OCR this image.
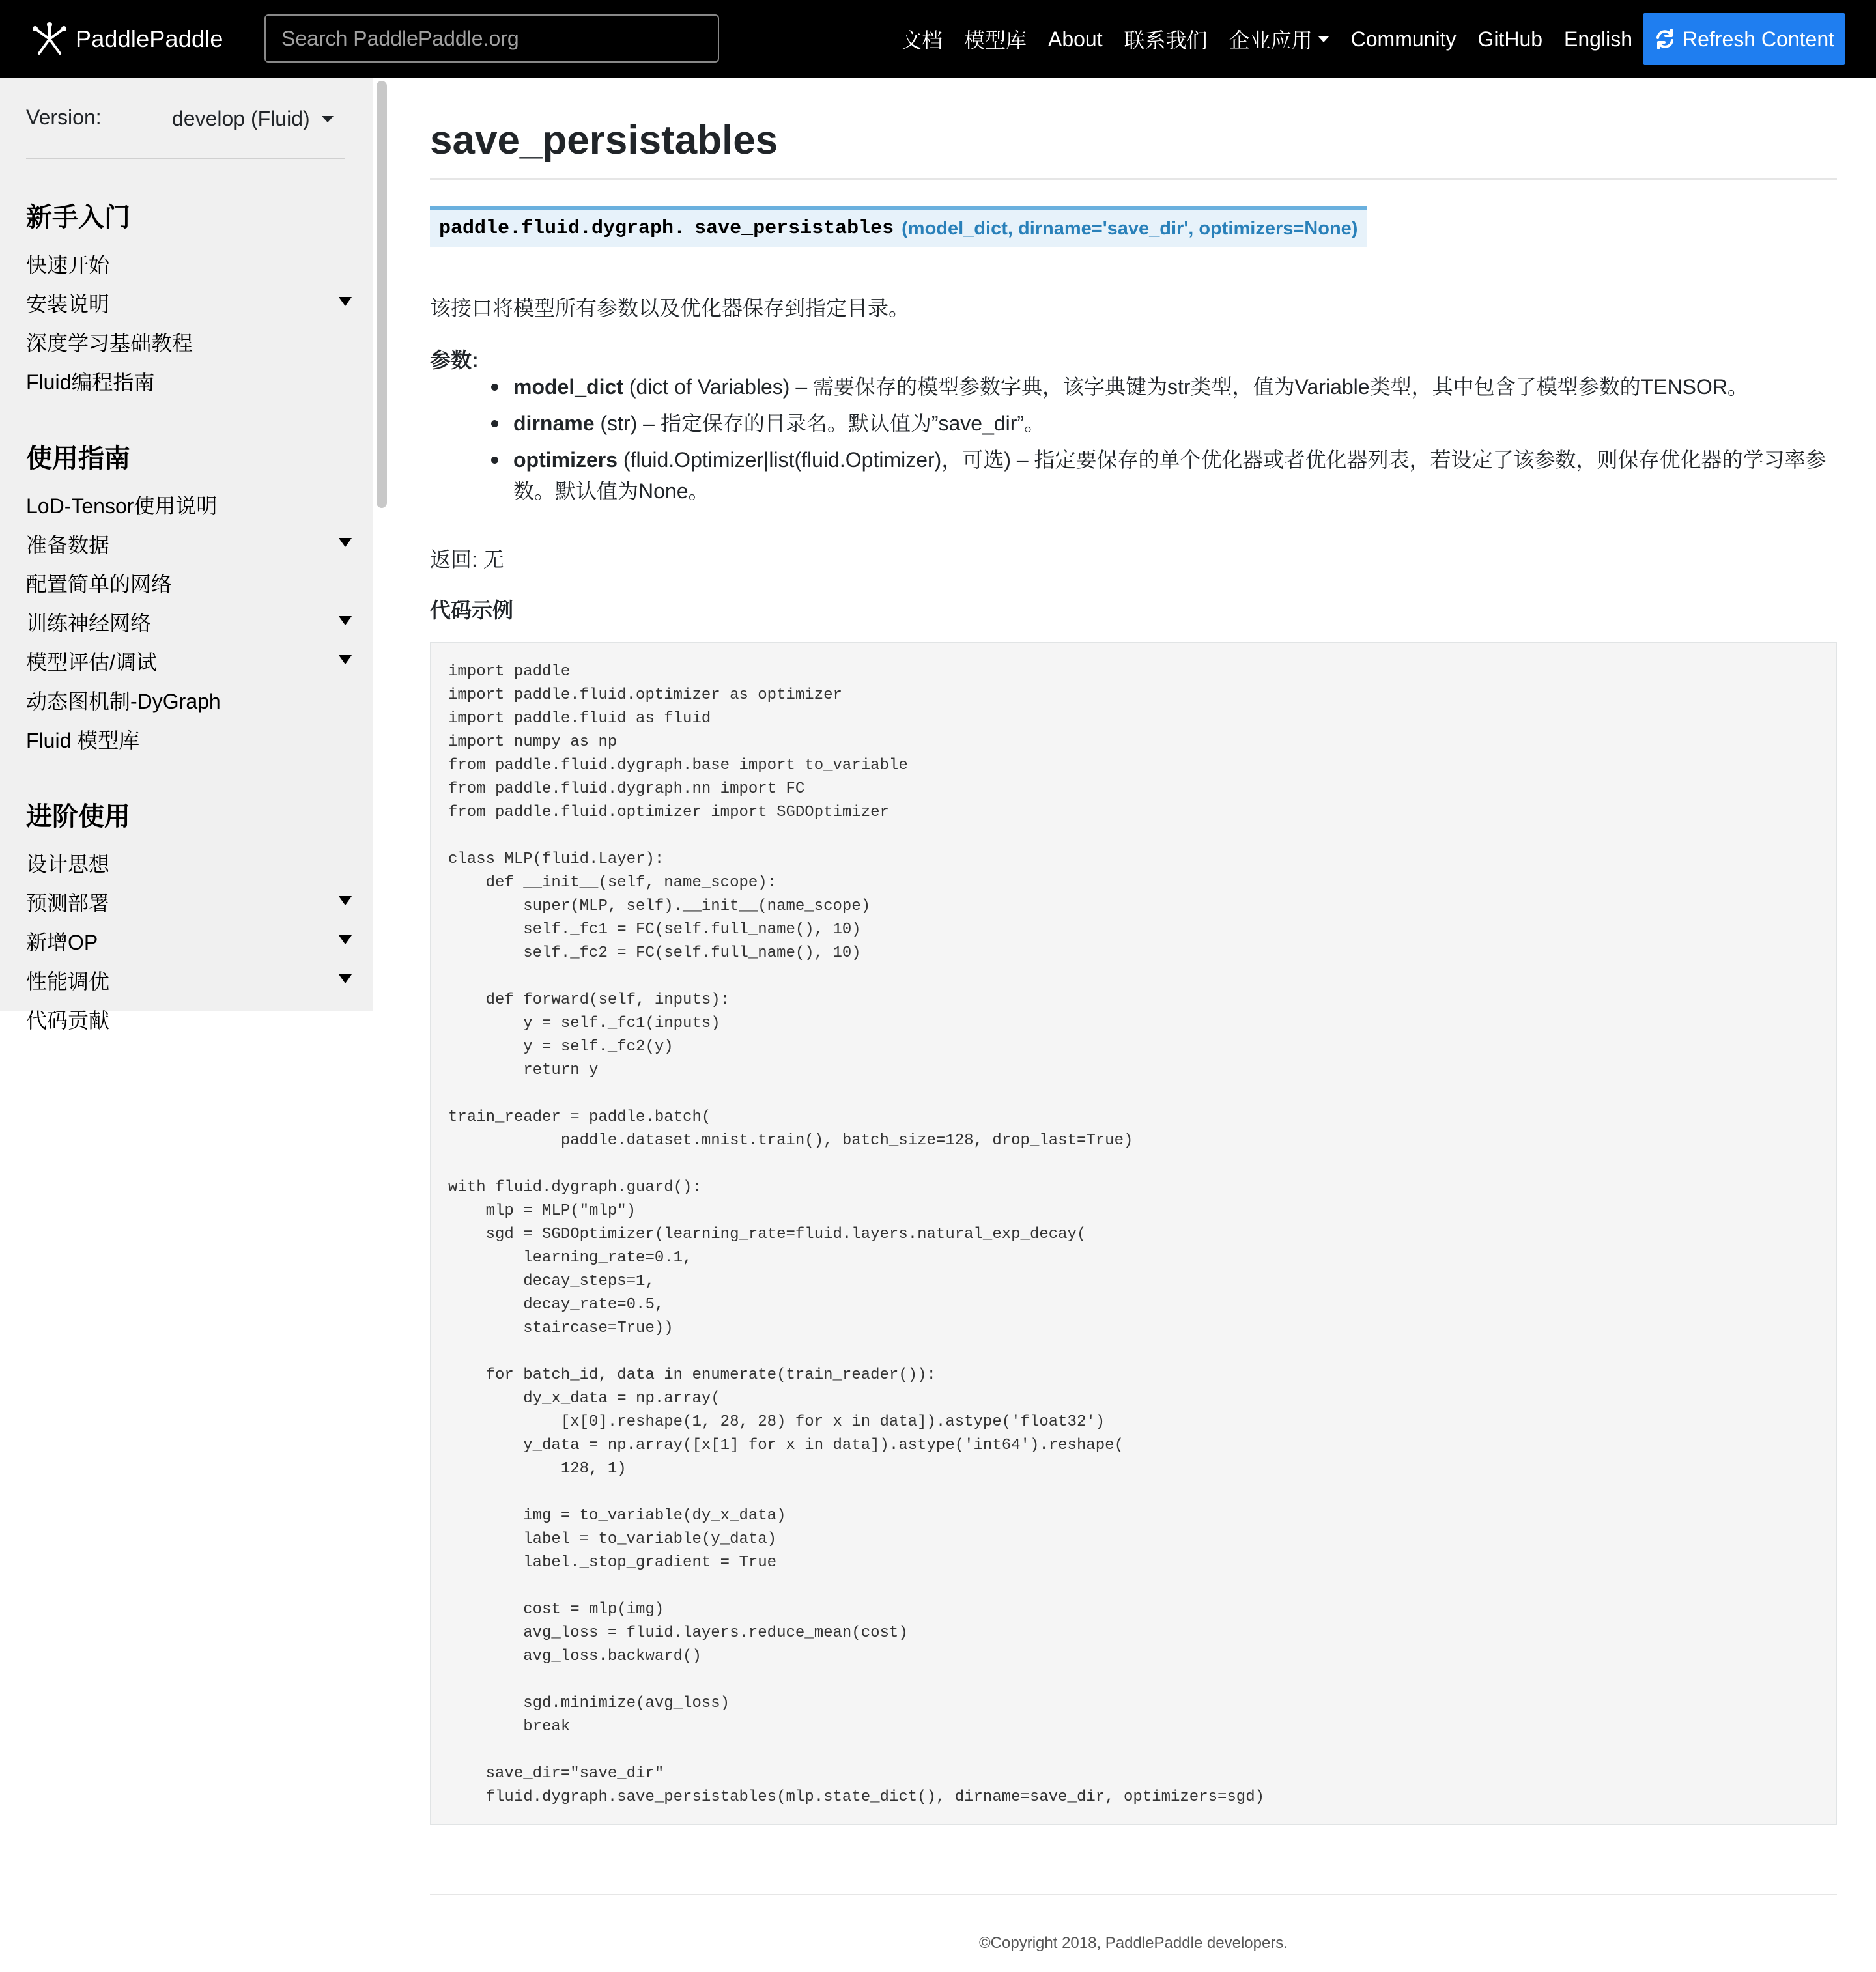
PaddlePaddle
Search PaddlePaddle.org	文档 模型库 About 联系我们 企业应用 Community GitHub English Refresh Content
Version:	develop (Fluid)
新手入门
快速开始
安装说明
深度学习基础教程
Fluid编程指南
使用指南
LoD-Tensor使用说明
准备数据
配置简单的网络
训练神经网络
模型评估/调试
动态图机制-DyGraph
Fluid 模型库
进阶使用
设计思想
预测部署
新增OP
性能调优
代码贡献
save_persistables
paddle.fluid.dygraph. save_persistables (model_dict, dirname='save_dir', optimizers=None)
该接口将模型所有参数以及优化器保存到指定目录。
参数:
model_dict (dict of Variables) – 需要保存的模型参数字典，该字典键为str类型，值为Variable类型，其中包含了模型参数的TENSOR。
dirname (str) – 指定保存的目录名。默认值为”save_dir”。
optimizers (fluid.Optimizer|list(fluid.Optimizer)，可选) – 指定要保存的单个优化器或者优化器列表，若设定了该参数，则保存优化器的学习率参数。默认值为None。
返回: 无
代码示例
import paddle
import paddle.fluid.optimizer as optimizer
import paddle.fluid as fluid
import numpy as np
from paddle.fluid.dygraph.base import to_variable
from paddle.fluid.dygraph.nn import FC
from paddle.fluid.optimizer import SGDOptimizer
class MLP(fluid.Layer):
def __init__(self, name_scope):
super(MLP, self).__init__(name_scope)
self._fc1 = FC(self.full_name(), 10)
self._fc2 = FC(self.full_name(), 10)
def forward(self, inputs):
y = self._fc1(inputs)
y = self._fc2(y)
return y
train_reader = paddle.batch(
paddle.dataset.mnist.train(), batch_size=128, drop_last=True)
with fluid.dygraph.guard():
mlp = MLP("mlp")
sgd = SGDOptimizer(learning_rate=fluid.layers.natural_exp_decay(
learning_rate=0.1,
decay_steps=1,
decay_rate=0.5,
staircase=True))
for batch_id, data in enumerate(train_reader()):
dy_x_data = np.array(
[x[0].reshape(1, 28, 28) for x in data]).astype('float32')
y_data = np.array([x[1] for x in data]).astype('int64').reshape(
128, 1)
img = to_variable(dy_x_data)
label = to_variable(y_data)
label._stop_gradient = True
cost = mlp(img)
avg_loss = fluid.layers.reduce_mean(cost)
avg_loss.backward()
sgd.minimize(avg_loss)
break
save_dir="save_dir"
fluid.dygraph.save_persistables(mlp.state_dict(), dirname=save_dir, optimizers=sgd)
©Copyright 2018, PaddlePaddle developers.
